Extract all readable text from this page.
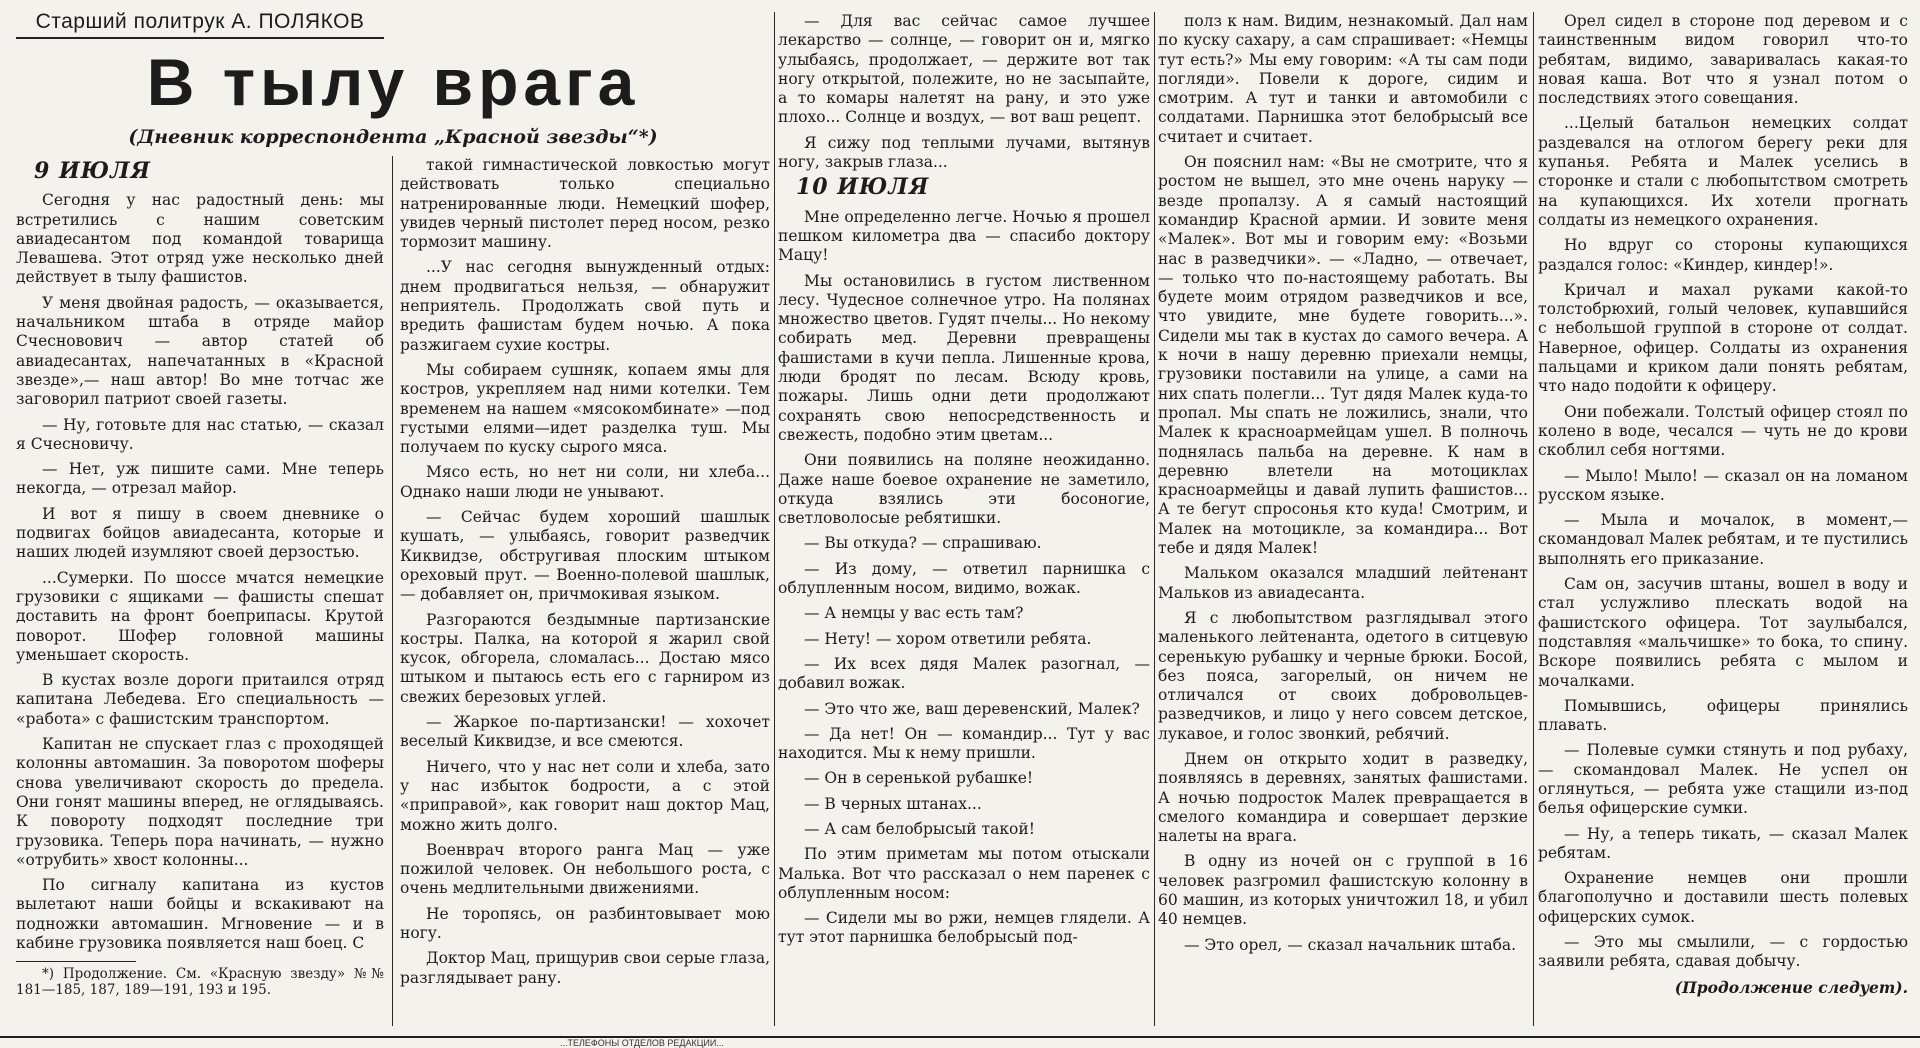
Старший политрук А. ПОЛЯКОВ
В тылу врага
(Дневник корреспондента „Красной звезды“*)
9 ИЮЛЯ

Сегодня у нас радостный день: мы встретились с нашим советским авиадесантом под командой товарища Левашева. Этот отряд уже несколько дней действует в тылу фашистов.

У меня двойная радость, — оказывается, начальником штаба в отряде майор Счесновович — автор статей об авиадесантах, напечатанных в «Красной звезде»,— наш автор! Во мне тотчас же заговорил патриот своей газеты.

— Ну, готовьте для нас статью, — сказал я Счесновичу.

— Нет, уж пишите сами. Мне теперь некогда, — отрезал майор.

И вот я пишу в своем дневнике о подвигах бойцов авиадесанта, которые и наших людей изумляют своей дерзостью.

...Сумерки. По шоссе мчатся немецкие грузовики с ящиками — фашисты спешат доставить на фронт боеприпасы. Крутой поворот. Шофер головной машины уменьшает скорость.

В кустах возле дороги притаился отряд капитана Лебедева. Его специальность — «работа» с фашистским транспортом.

Капитан не спускает глаз с проходящей колонны автомашин. За поворотом шоферы снова увеличивают скорость до предела. Они гонят машины вперед, не оглядываясь. К повороту подходят последние три грузовика. Теперь пора начинать, — нужно «отрубить» хвост колонны...

По сигналу капитана из кустов вылетают наши бойцы и вскакивают на подножки автомашин. Мгновение — и в кабине грузовика появляется наш боец. С

*) Продолжение. См. «Красную звезду» №№ 181—185, 187, 189—191, 193 и 195.

такой гимнастической ловкостью могут действовать только специально натренированные люди. Немецкий шофер, увидев черный пистолет перед носом, резко тормозит машину.

...У нас сегодня вынужденный отдых: днем продвигаться нельзя, — обнаружит неприятель. Продолжать свой путь и вредить фашистам будем ночью. А пока разжигаем сухие костры.

Мы собираем сушняк, копаем ямы для костров, укрепляем над ними котелки. Тем временем на нашем «мясокомбинате» —под густыми елями—идет разделка туш. Мы получаем по куску сырого мяса.

Мясо есть, но нет ни соли, ни хлеба... Однако наши люди не унывают.

— Сейчас будем хороший шашлык кушать, — улыбаясь, говорит разведчик Киквидзе, обстругивая плоским штыком ореховый прут. — Военно-полевой шашлык, — добавляет он, причмокивая языком.

Разгораются бездымные партизанские костры. Палка, на которой я жарил свой кусок, обгорела, сломалась... Достаю мясо штыком и пытаюсь есть его с гарниром из свежих березовых углей.

— Жаркое по-партизански! — хохочет веселый Киквидзе, и все смеются.

Ничего, что у нас нет соли и хлеба, зато у нас избыток бодрости, а с этой «приправой», как говорит наш доктор Мац, можно жить долго.

Военврач второго ранга Мац — уже пожилой человек. Он небольшого роста, с очень медлительными движениями.

Не торопясь, он разбинтовывает мою ногу.

Доктор Мац, прищурив свои серые глаза, разглядывает рану.

— Для вас сейчас самое лучшее лекарство — солнце, — говорит он и, мягко улыбаясь, продолжает, — держите вот так ногу открытой, полежите, но не засыпайте, а то комары налетят на рану, и это уже плохо... Солнце и воздух, — вот ваш рецепт.

Я сижу под теплыми лучами, вытянув ногу, закрыв глаза...

10 ИЮЛЯ

Мне определенно легче. Ночью я прошел пешком километра два — спасибо доктору Мацу!

Мы остановились в густом лиственном лесу. Чудесное солнечное утро. На полянах множество цветов. Гудят пчелы... Но некому собирать мед. Деревни превращены фашистами в кучи пепла. Лишенные крова, люди бродят по лесам. Всюду кровь, пожары. Лишь одни дети продолжают сохранять свою непосредственность и свежесть, подобно этим цветам...

Они появились на поляне неожиданно. Даже наше боевое охранение не заметило, откуда взялись эти босоногие, светловолосые ребятишки.

— Вы откуда? — спрашиваю.

— Из дому, — ответил парнишка с облупленным носом, видимо, вожак.

— А немцы у вас есть там?

— Нету! — хором ответили ребята.

— Их всех дядя Малек разогнал, — добавил вожак.

— Это что же, ваш деревенский, Малек?

— Да нет! Он — командир... Тут у вас находится. Мы к нему пришли.

— Он в серенькой рубашке!

— В черных штанах...

— А сам белобрысый такой!

По этим приметам мы потом отыскали Малька. Вот что рассказал о нем паренек с облупленным носом:

— Сидели мы во ржи, немцев глядели. А тут этот парнишка белобрысый под-

полз к нам. Видим, незнакомый. Дал нам по куску сахару, а сам спрашивает: «Немцы тут есть?» Мы ему говорим: «А ты сам поди погляди». Повели к дороге, сидим и смотрим. А тут и танки и автомобили с солдатами. Парнишка этот белобрысый все считает и считает.

Он пояснил нам: «Вы не смотрите, что я ростом не вышел, это мне очень наруку — везде пропалзу. А я самый настоящий командир Красной армии. И зовите меня «Малек». Вот мы и говорим ему: «Возьми нас в разведчики». — «Ладно, — отвечает, — только что по-настоящему работать. Вы будете моим отрядом разведчиков и все, что увидите, мне будете говорить...». Сидели мы так в кустах до самого вечера. А к ночи в нашу деревню приехали немцы, грузовики поставили на улице, а сами на них спать полегли... Тут дядя Малек куда-то пропал. Мы спать не ложились, знали, что Малек к красноармейцам ушел. В полночь поднялась пальба на деревне. К нам в деревню влетели на мотоциклах красноармейцы и давай лупить фашистов... А те бегут спросонья кто куда! Смотрим, и Малек на мотоцикле, за командира... Вот тебе и дядя Малек!

Мальком оказался младший лейтенант Мальков из авиадесанта.

Я с любопытством разглядывал этого маленького лейтенанта, одетого в ситцевую серенькую рубашку и черные брюки. Босой, без пояса, загорелый, он ничем не отличался от своих добровольцев-разведчиков, и лицо у него совсем детское, лукавое, и голос звонкий, ребячий.

Днем он открыто ходит в разведку, появляясь в деревнях, занятых фашистами. А ночью подросток Малек превращается в смелого командира и совершает дерзкие налеты на врага.

В одну из ночей он с группой в 16 человек разгромил фашистскую колонну в 60 машин, из которых уничтожил 18, и убил 40 немцев.

— Это орел, — сказал начальник штаба.

Орел сидел в стороне под деревом и с таинственным видом говорил что-то ребятам, видимо, заваривалась какая-то новая каша. Вот что я узнал потом о последствиях этого совещания.

...Целый батальон немецких солдат раздевался на отлогом берегу реки для купанья. Ребята и Малек уселись в сторонке и стали с любопытством смотреть на купающихся. Их хотели прогнать солдаты из немецкого охранения.

Но вдруг со стороны купающихся раздался голос: «Киндер, киндер!».

Кричал и махал руками какой-то толстобрюхий, голый человек, купавшийся с небольшой группой в стороне от солдат. Наверное, офицер. Солдаты из охранения пальцами и криком дали понять ребятам, что надо подойти к офицеру.

Они побежали. Толстый офицер стоял по колено в воде, чесался — чуть не до крови скоблил себя ногтями.

— Мыло! Мыло! — сказал он на ломаном русском языке.

— Мыла и мочалок, в момент,—скомандовал Малек ребятам, и те пустились выполнять его приказание.

Сам он, засучив штаны, вошел в воду и стал услужливо плескать водой на фашистского офицера. Тот заулыбался, подставляя «мальчишке» то бока, то спину. Вскоре появились ребята с мылом и мочалками.

Помывшись, офицеры принялись плавать.

— Полевые сумки стянуть и под рубаху, — скомандовал Малек. Не успел он оглянуться, — ребята уже стащили из-под белья офицерские сумки.

— Ну, а теперь тикать, — сказал Малек ребятам.

Охранение немцев они прошли благополучно и доставили шесть полевых офицерских сумок.

— Это мы смылили, — с гордостью заявили ребята, сдавая добычу.

(Продолжение следует).
...ТЕЛЕФОНЫ ОТДЕЛОВ РЕДАКЦИИ...
